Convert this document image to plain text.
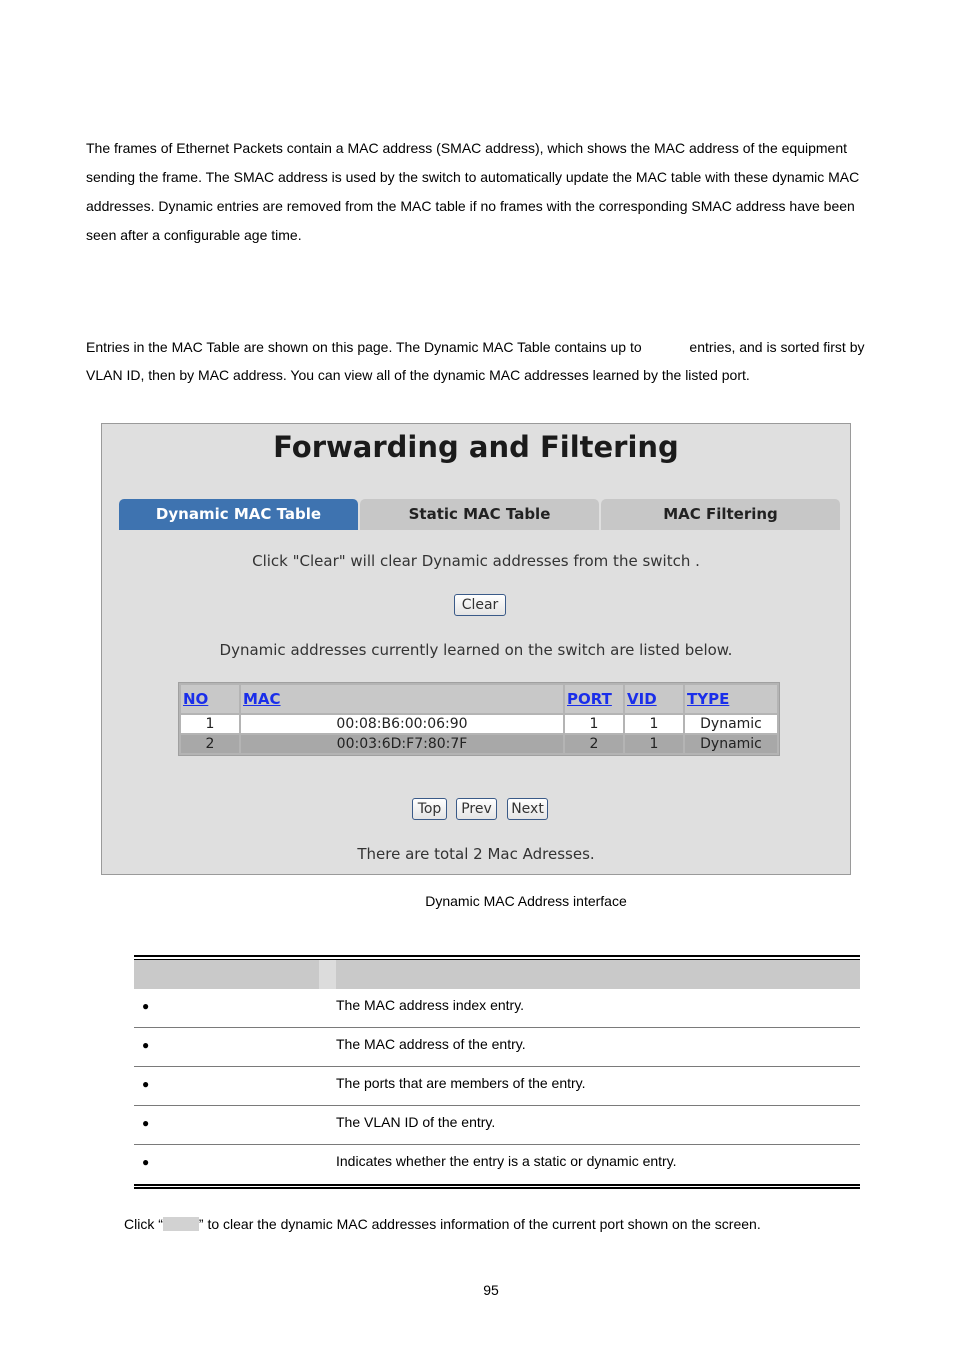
The frames of Ethernet Packets contain a MAC address (SMAC address), which shows the MAC address of the equipment sending the frame. The SMAC address is used by the switch to automatically update the MAC table with these dynamic MAC addresses. Dynamic entries are removed from the MAC table if no frames with the corresponding SMAC address have been seen after a configurable age time.

Entries in the MAC Table are shown on this page. The Dynamic MAC Table contains up to	entries, and is sorted first by VLAN ID, then by MAC address. You can view all of the dynamic MAC addresses learned by the listed port.

Forwarding and Filtering
Dynamic MAC Table	Static MAC Table	MAC Filtering
Click "Clear" will clear Dynamic addresses from the switch .
Clear
Dynamic addresses currently learned on the switch are listed below.
NO	MAC	PORT	VID	TYPE
1	00:08:B6:00:06:90	1	1	Dynamic
2	00:03:6D:F7:80:7F	2	1	Dynamic
Top	Prev	Next
There are total 2 Mac Adresses.
Dynamic MAC Address interface
●	The MAC address index entry.
●	The MAC address of the entry.
●	The ports that are members of the entry.
●	The VLAN ID of the entry.
●	Indicates whether the entry is a static or dynamic entry.
Click “	” to clear the dynamic MAC addresses information of the current port shown on the screen.
95
